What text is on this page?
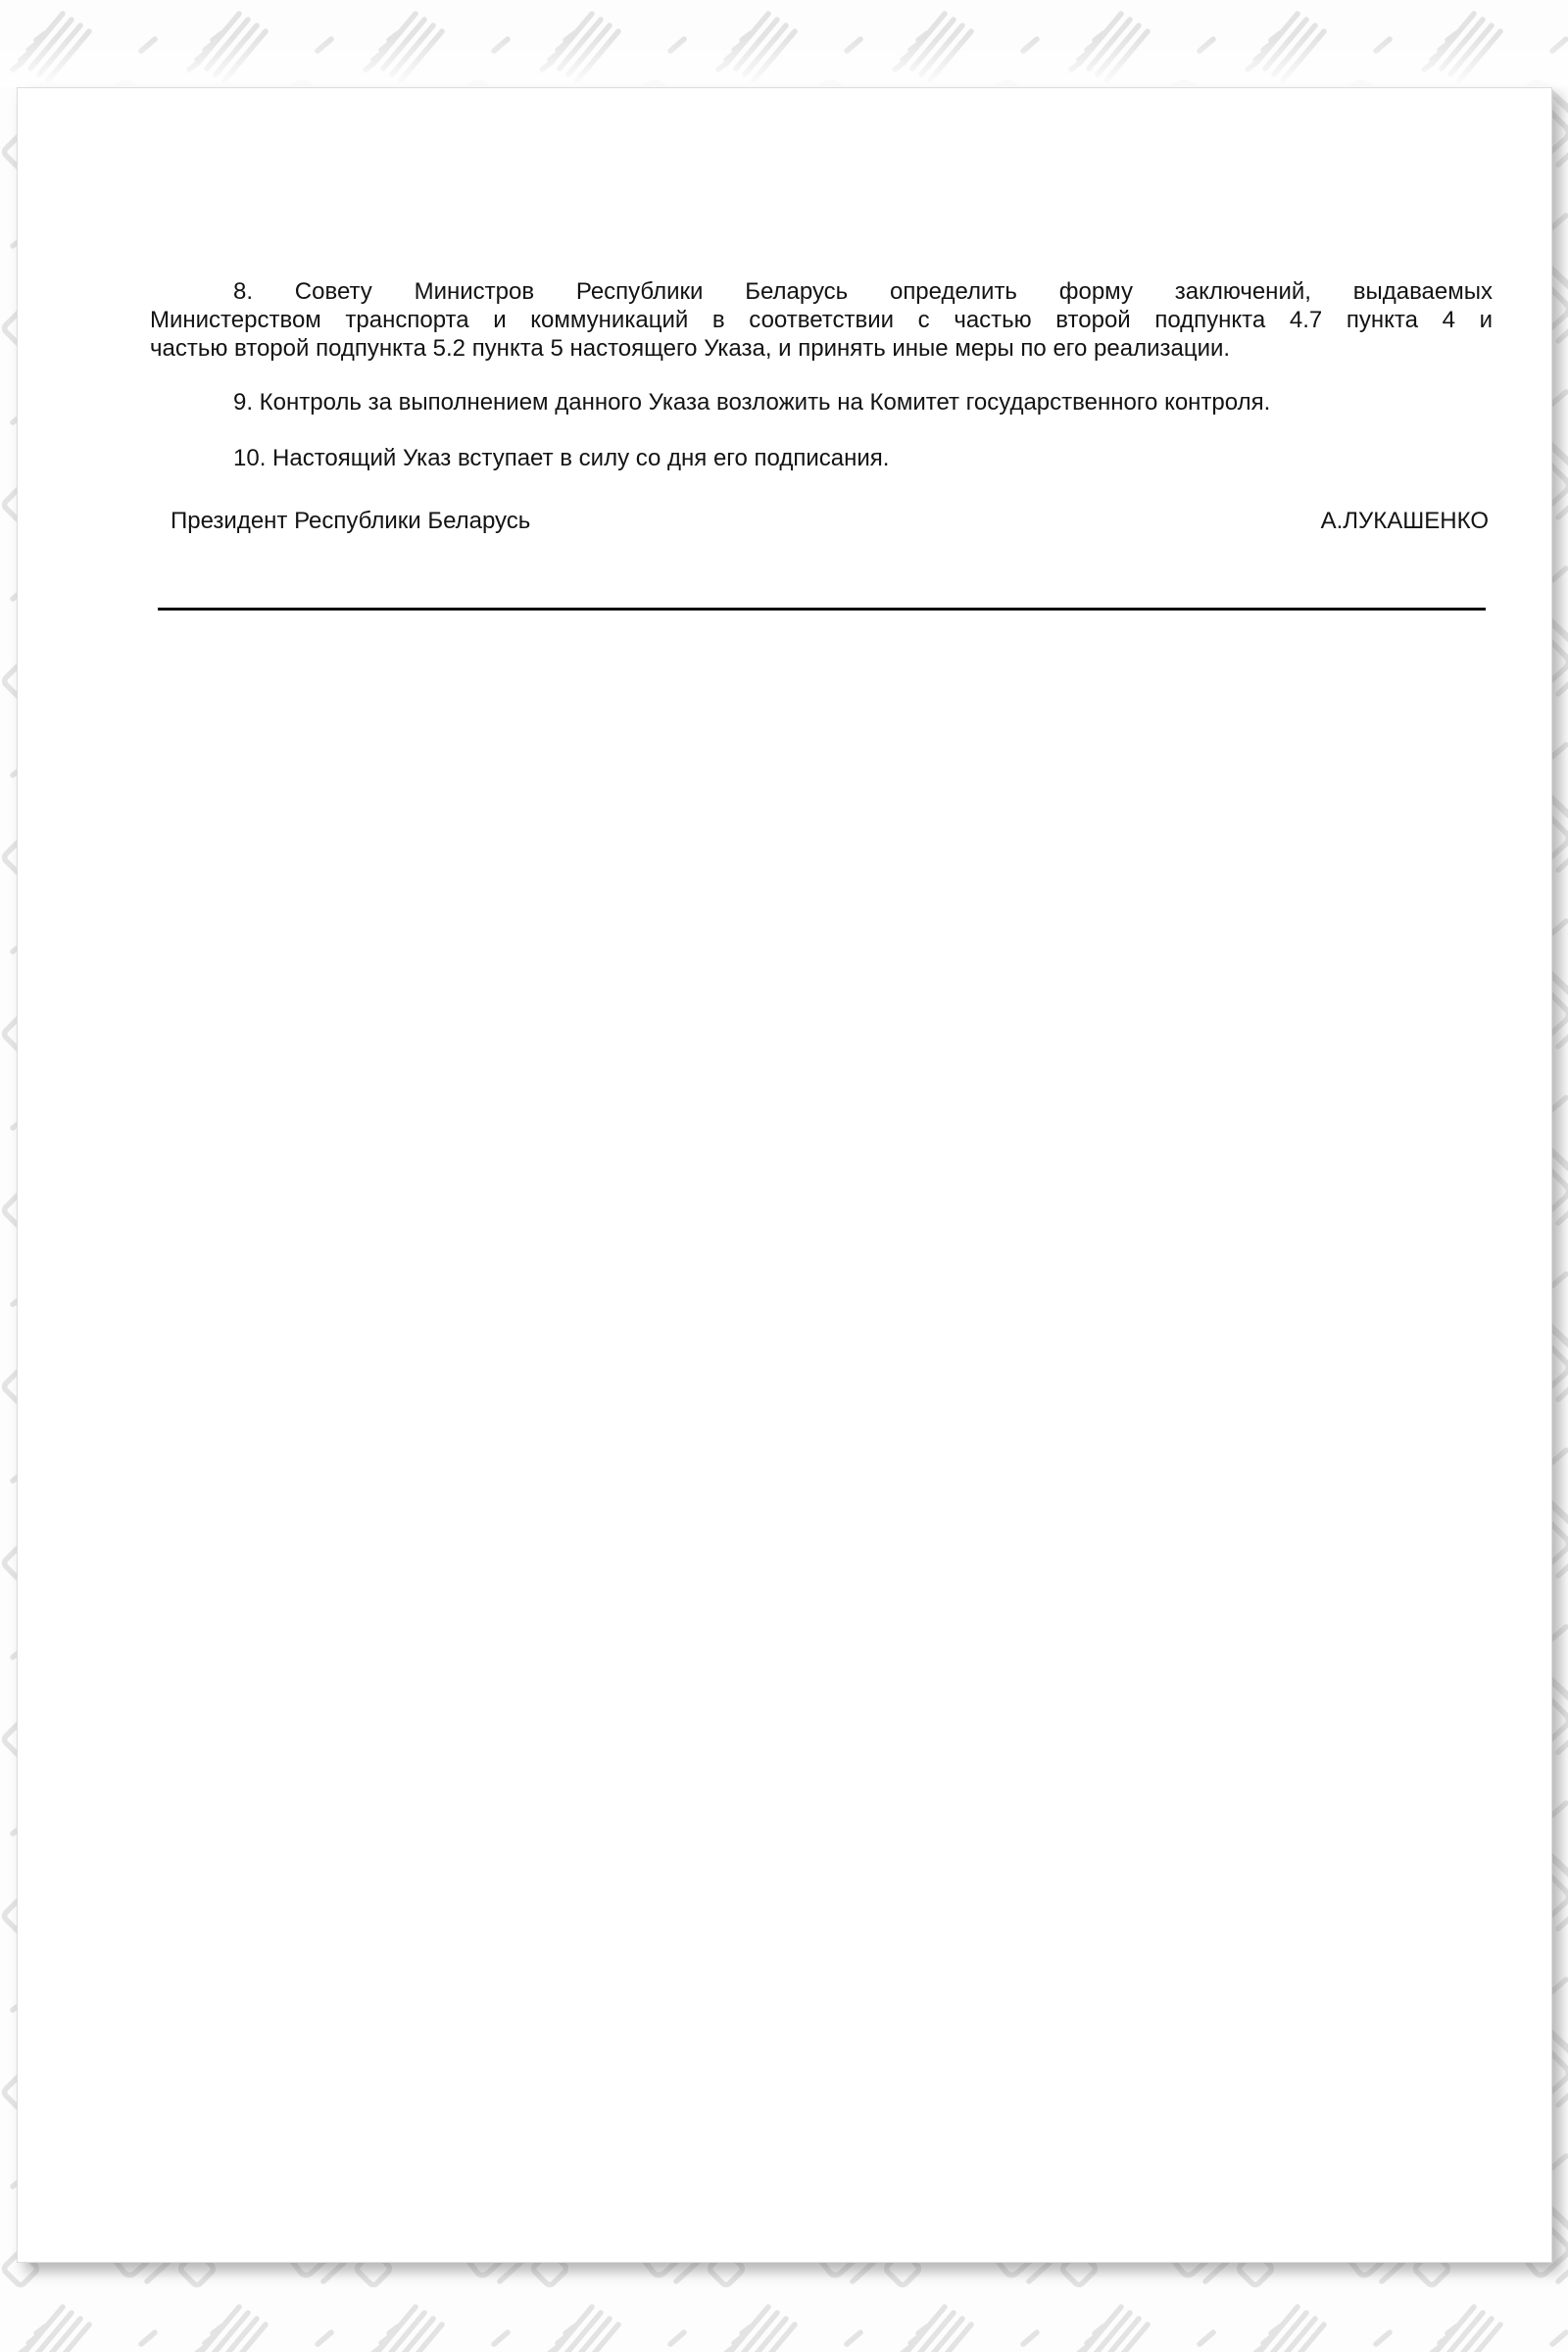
8. Совету Министров Республики Беларусь определить форму заключений, выдаваемых
Министерством транспорта и коммуникаций в соответствии с частью второй подпункта 4.7 пункта 4 и
частью второй подпункта 5.2 пункта 5 настоящего Указа, и принять иные меры по его реализации.
9. Контроль за выполнением данного Указа возложить на Комитет государственного контроля.
10. Настоящий Указ вступает в силу со дня его подписания.
Президент Республики Беларусь	А.ЛУКАШЕНКО
